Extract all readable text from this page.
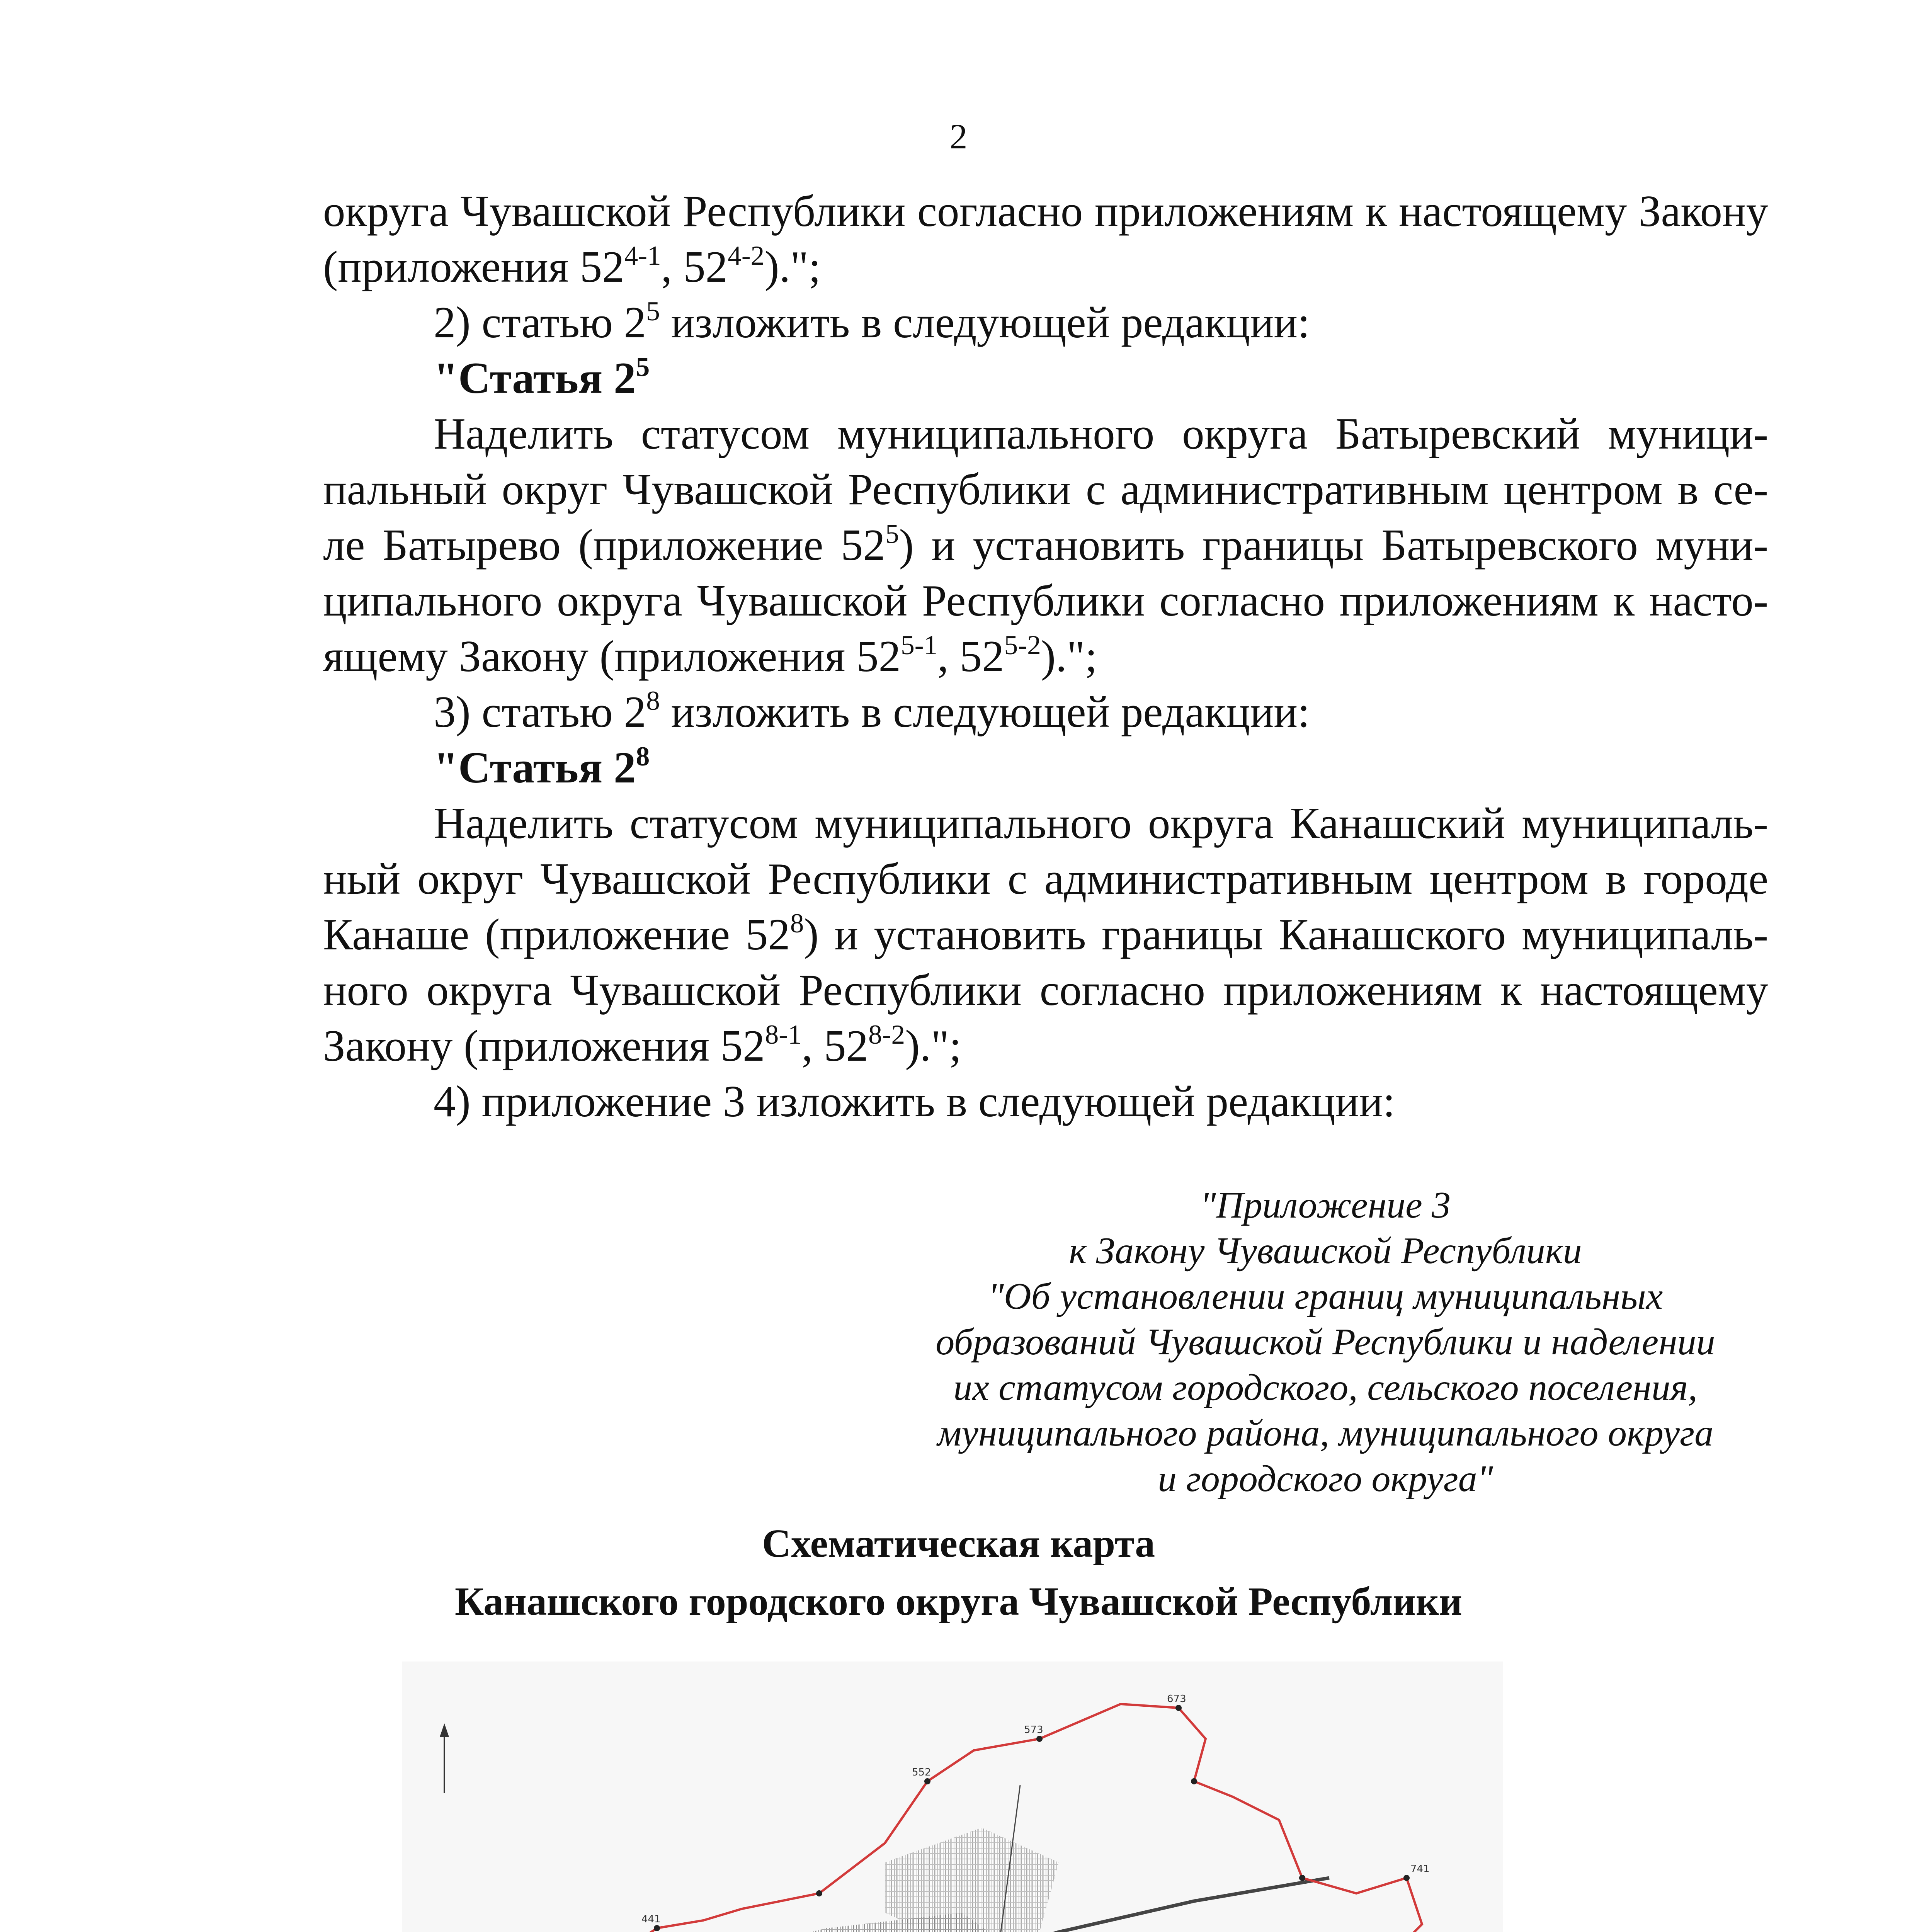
2

округа Чувашской Республики согласно приложениям к настоящему Закону

(приложения 52$^{4-1}$, 52$^{4-2}$).";

2) статью $2^5$ изложить в следующей редакции:

"Статья $2^5$

Наделить статусом муниципального округа Батыревский муници-

пальный округ Чувашской Республики с административным центром в се-

ле Батырево (приложение $52^5$) и установить границы Батыревского муни-

ципального округа Чувашской Республики согласно приложениям к насто-

ящему Закону (приложения 52$^{5-1}$, 52$^{5-2}$).";

3) статью $2^8$ изложить в следующей редакции:

"Статья $2^8$

Наделить статусом муниципального округа Канашский муниципаль-

ный округ Чувашской Республики с административным центром в городе

Канаше (приложение $52^8$) и установить границы Канашского муниципаль-

ного округа Чувашской Республики согласно приложениям к настоящему

Закону (приложения 52$^{8-1}$, 52$^{8-2}$).";

4) приложение 3 изложить в следующей редакции:

"Приложение 3
к Закону Чувашской Республики
"Об установлении границ муниципальных
образований Чувашской Республики и наделении
их статусом городского, сельского поселения,
муниципального района, муниципального округа
и городского округа"
Схематическая карта
Канашского городского округа Чувашской Республики
441
552
573
673
741
